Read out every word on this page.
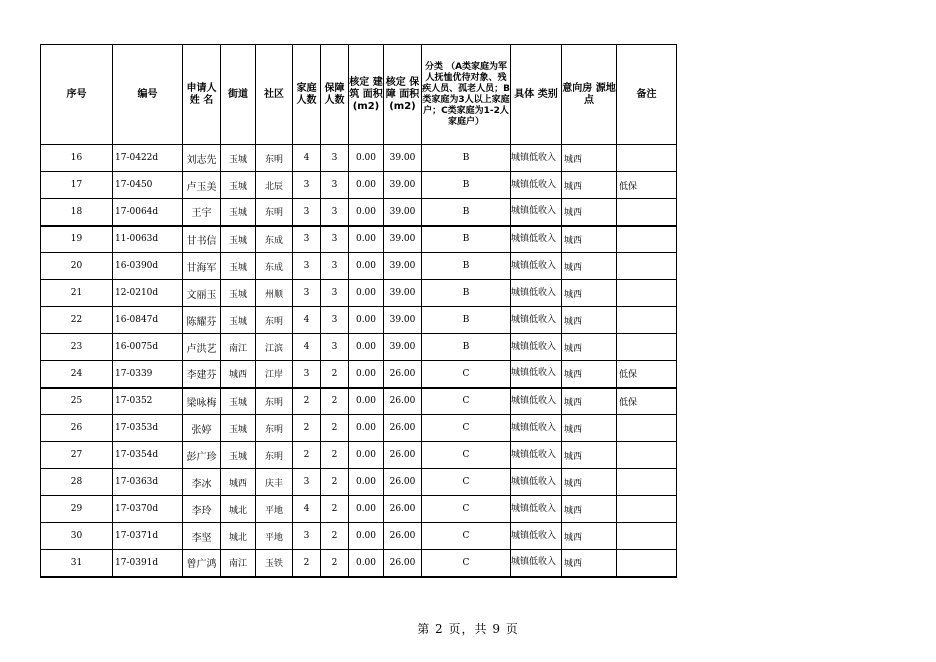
序号	编号	申请人 姓 名	街道	社区	家庭 人数	保障 人数	核定 建筑 面积 (m2)	核定 保障 面积 (m2)	分类 （A类家庭为军人抚恤优待对象、残疾人员、孤老人员；B类家庭为3人以上家庭户；C类家庭为1-2人家庭户）	具体 类别	意向房 源地点	备注
16	17-0422d	刘志先	玉城	东明	4	3	0.00	39.00	B	城镇低收入	城西	
17	17-0450	卢玉美	玉城	北辰	3	3	0.00	39.00	B	城镇低收入	城西	低保
18	17-0064d	王宇	玉城	东明	3	3	0.00	39.00	B	城镇低收入	城西	
19	11-0063d	甘书信	玉城	东成	3	3	0.00	39.00	B	城镇低收入	城西	
20	16-0390d	甘海军	玉城	东成	3	3	0.00	39.00	B	城镇低收入	城西	
21	12-0210d	文丽玉	玉城	州顺	3	3	0.00	39.00	B	城镇低收入	城西	
22	16-0847d	陈耀芬	玉城	东明	4	3	0.00	39.00	B	城镇低收入	城西	
23	16-0075d	卢洪艺	南江	江滨	4	3	0.00	39.00	B	城镇低收入	城西	
24	17-0339	李建芬	城西	江岸	3	2	0.00	26.00	C	城镇低收入	城西	低保
25	17-0352	梁咏梅	玉城	东明	2	2	0.00	26.00	C	城镇低收入	城西	低保
26	17-0353d	张婷	玉城	东明	2	2	0.00	26.00	C	城镇低收入	城西	
27	17-0354d	彭广珍	玉城	东明	2	2	0.00	26.00	C	城镇低收入	城西	
28	17-0363d	李冰	城西	庆丰	3	2	0.00	26.00	C	城镇低收入	城西	
29	17-0370d	李玲	城北	平地	4	2	0.00	26.00	C	城镇低收入	城西	
30	17-0371d	李坚	城北	平地	3	2	0.00	26.00	C	城镇低收入	城西	
31	17-0391d	曾广鸿	南江	玉铁	2	2	0.00	26.00	C	城镇低收入	城西	
第 2 页，共 9 页
